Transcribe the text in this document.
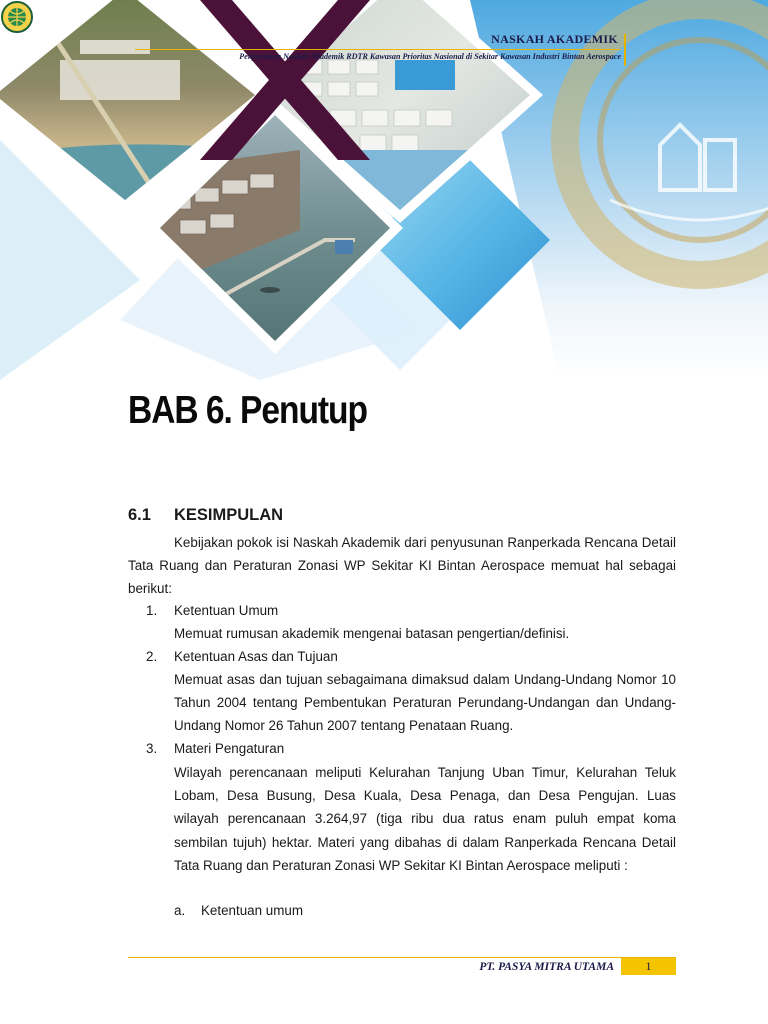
NASKAH AKADEMIK
Penyusunan Naskah Akademik RDTR Kawasan Prioritas Nasional di Sekitar Kawasan Industri Bintan Aerospace
BAB 6. Penutup
6.1	KESIMPULAN

Kebijakan pokok isi Naskah Akademik dari penyusunan Ranperkada Rencana Detail Tata Ruang dan Peraturan Zonasi WP Sekitar KI Bintan Aerospace memuat hal sebagai berikut:

1.	Ketentuan Umum

Memuat rumusan akademik mengenai batasan pengertian/definisi.

2.	Ketentuan Asas dan Tujuan

Memuat asas dan tujuan sebagaimana dimaksud dalam Undang-Undang Nomor 10 Tahun 2004 tentang Pembentukan Peraturan Perundang-Undangan dan Undang-Undang Nomor 26 Tahun 2007 tentang Penataan Ruang.

3.	Materi Pengaturan

Wilayah perencanaan meliputi Kelurahan Tanjung Uban Timur, Kelurahan Teluk Lobam, Desa Busung, Desa Kuala, Desa Penaga, dan Desa Pengujan. Luas wilayah perencanaan 3.264,97 (tiga ribu dua ratus enam puluh empat koma sembilan tujuh) hektar. Materi yang dibahas di dalam Ranperkada Rencana Detail Tata Ruang dan Peraturan Zonasi WP Sekitar KI Bintan Aerospace meliputi :

a.	Ketentuan umum
PT. PASYA MITRA UTAMA	1
